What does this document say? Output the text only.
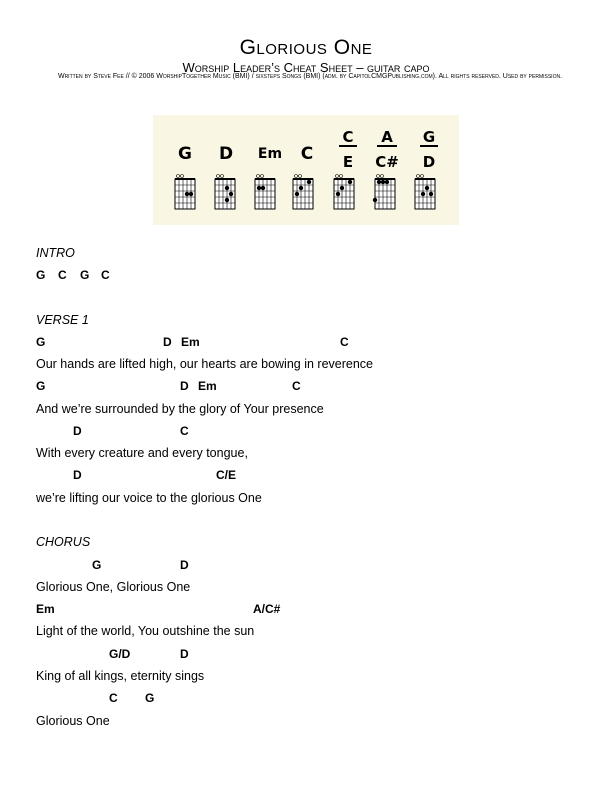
Glorious One
Worship Leader’s Cheat Sheet – guitar capo
Written by Steve Fee // © 2006 WorshipTogether Music (BMI) / sixsteps Songs (BMI) (adm. by CapitolCMGPublishing.com). All rights reserved. Used by permission.
G D Em C
C
E
A
C#
G
D
INTRO
G C G C
VERSE 1
G	D Em	C
Our hands are lifted high, our hearts are bowing in reverence
G	D Em	C
And we’re surrounded by the glory of Your presence
D	C
With every creature and every tongue,
D	C/E
we’re lifting our voice to the glorious One
CHORUS
G	D
Glorious One, Glorious One
Em	A/C#
Light of the world, You outshine the sun
G/D	D
King of all kings, eternity sings
C G
Glorious One
